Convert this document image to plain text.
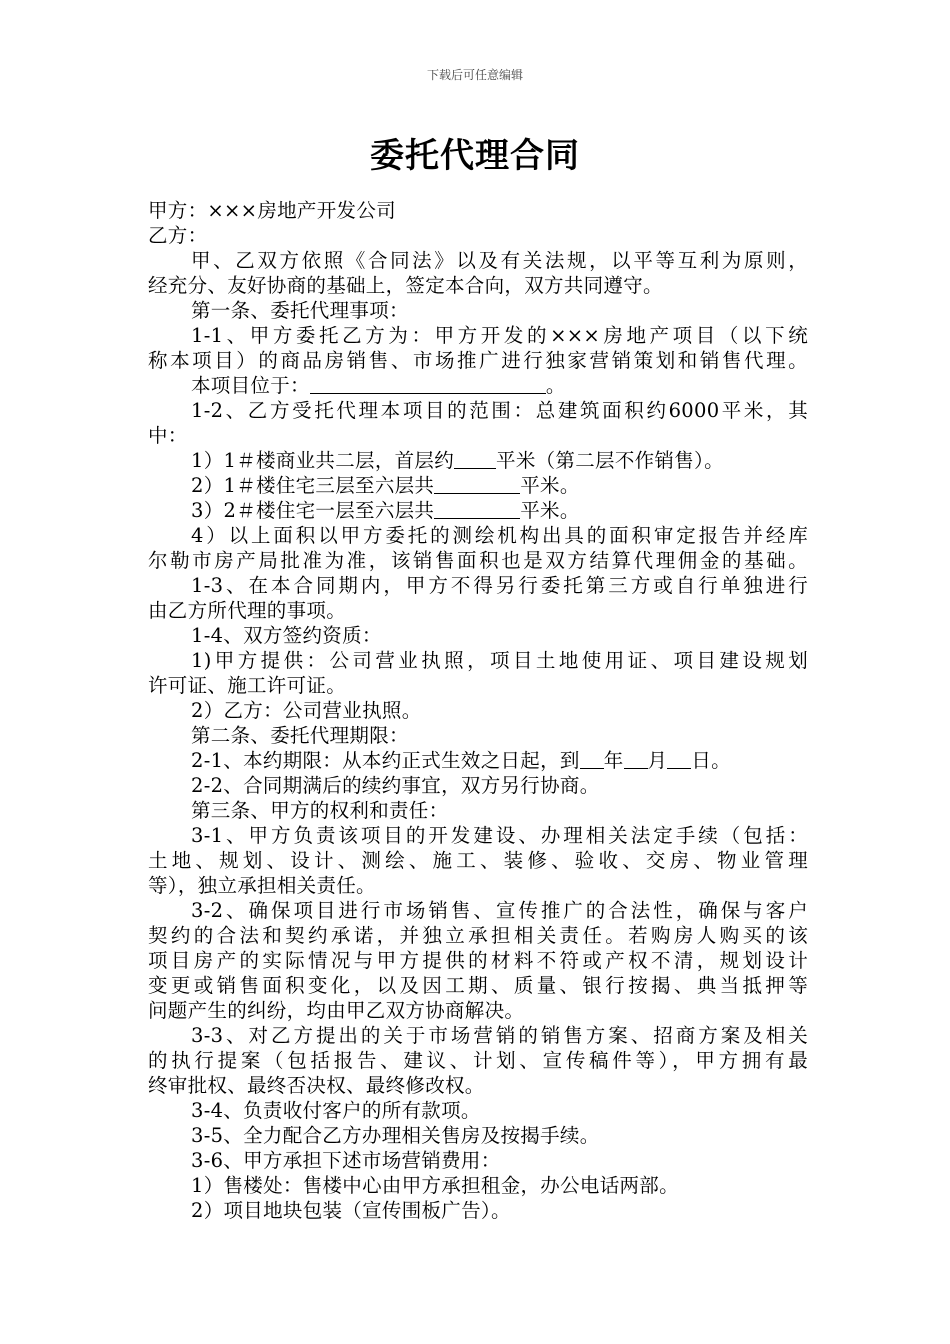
下载后可任意编辑
委托代理合同
甲方：×××房地产开发公司
乙方：
甲、乙双方依照《合同法》以及有关法规，以平等互利为原则，
经充分、友好协商的基础上，签定本合向，双方共同遵守。
第一条、委托代理事项：
1-1、甲方委托乙方为：甲方开发的×××房地产项目（以下统
称本项目）的商品房销售、市场推广进行独家营销策划和销售代理。
本项目位于：	。
1-2、乙方受托代理本项目的范围：总建筑面积约6000平米，其
中：
1）1＃楼商业共二层，首层约 平米（第二层不作销售）。
2）1＃楼住宅三层至六层共	平米。
3）2＃楼住宅一层至六层共	平米。
4）以上面积以甲方委托的测绘机构出具的面积审定报告并经库
尔勒市房产局批准为准，该销售面积也是双方结算代理佣金的基础。
1-3、在本合同期内，甲方不得另行委托第三方或自行单独进行
由乙方所代理的事项。
1-4、双方签约资质：
1)甲方提供：公司营业执照，项目土地使用证、项目建设规划
许可证、施工许可证。
2）乙方：公司营业执照。
第二条、委托代理期限：
2-1、本约期限：从本约正式生效之日起，到 年 月 日。
2-2、合同期满后的续约事宜，双方另行协商。
第三条、甲方的权利和责任：
3-1、甲方负责该项目的开发建设、办理相关法定手续（包括：
土地、规划、设计、测绘、施工、装修、验收、交房、物业管理
等），独立承担相关责任。
3-2、确保项目进行市场销售、宣传推广的合法性，确保与客户
契约的合法和契约承诺，并独立承担相关责任。若购房人购买的该
项目房产的实际情况与甲方提供的材料不符或产权不清，规划设计
变更或销售面积变化，以及因工期、质量、银行按揭、典当抵押等
问题产生的纠纷，均由甲乙双方协商解决。
3-3、对乙方提出的关于市场营销的销售方案、招商方案及相关
的执行提案（包括报告、建议、计划、宣传稿件等），甲方拥有最
终审批权、最终否决权、最终修改权。
3-4、负责收付客户的所有款项。
3-5、全力配合乙方办理相关售房及按揭手续。
3-6、甲方承担下述市场营销费用：
1）售楼处：售楼中心由甲方承担租金，办公电话两部。
2）项目地块包装（宣传围板广告）。
